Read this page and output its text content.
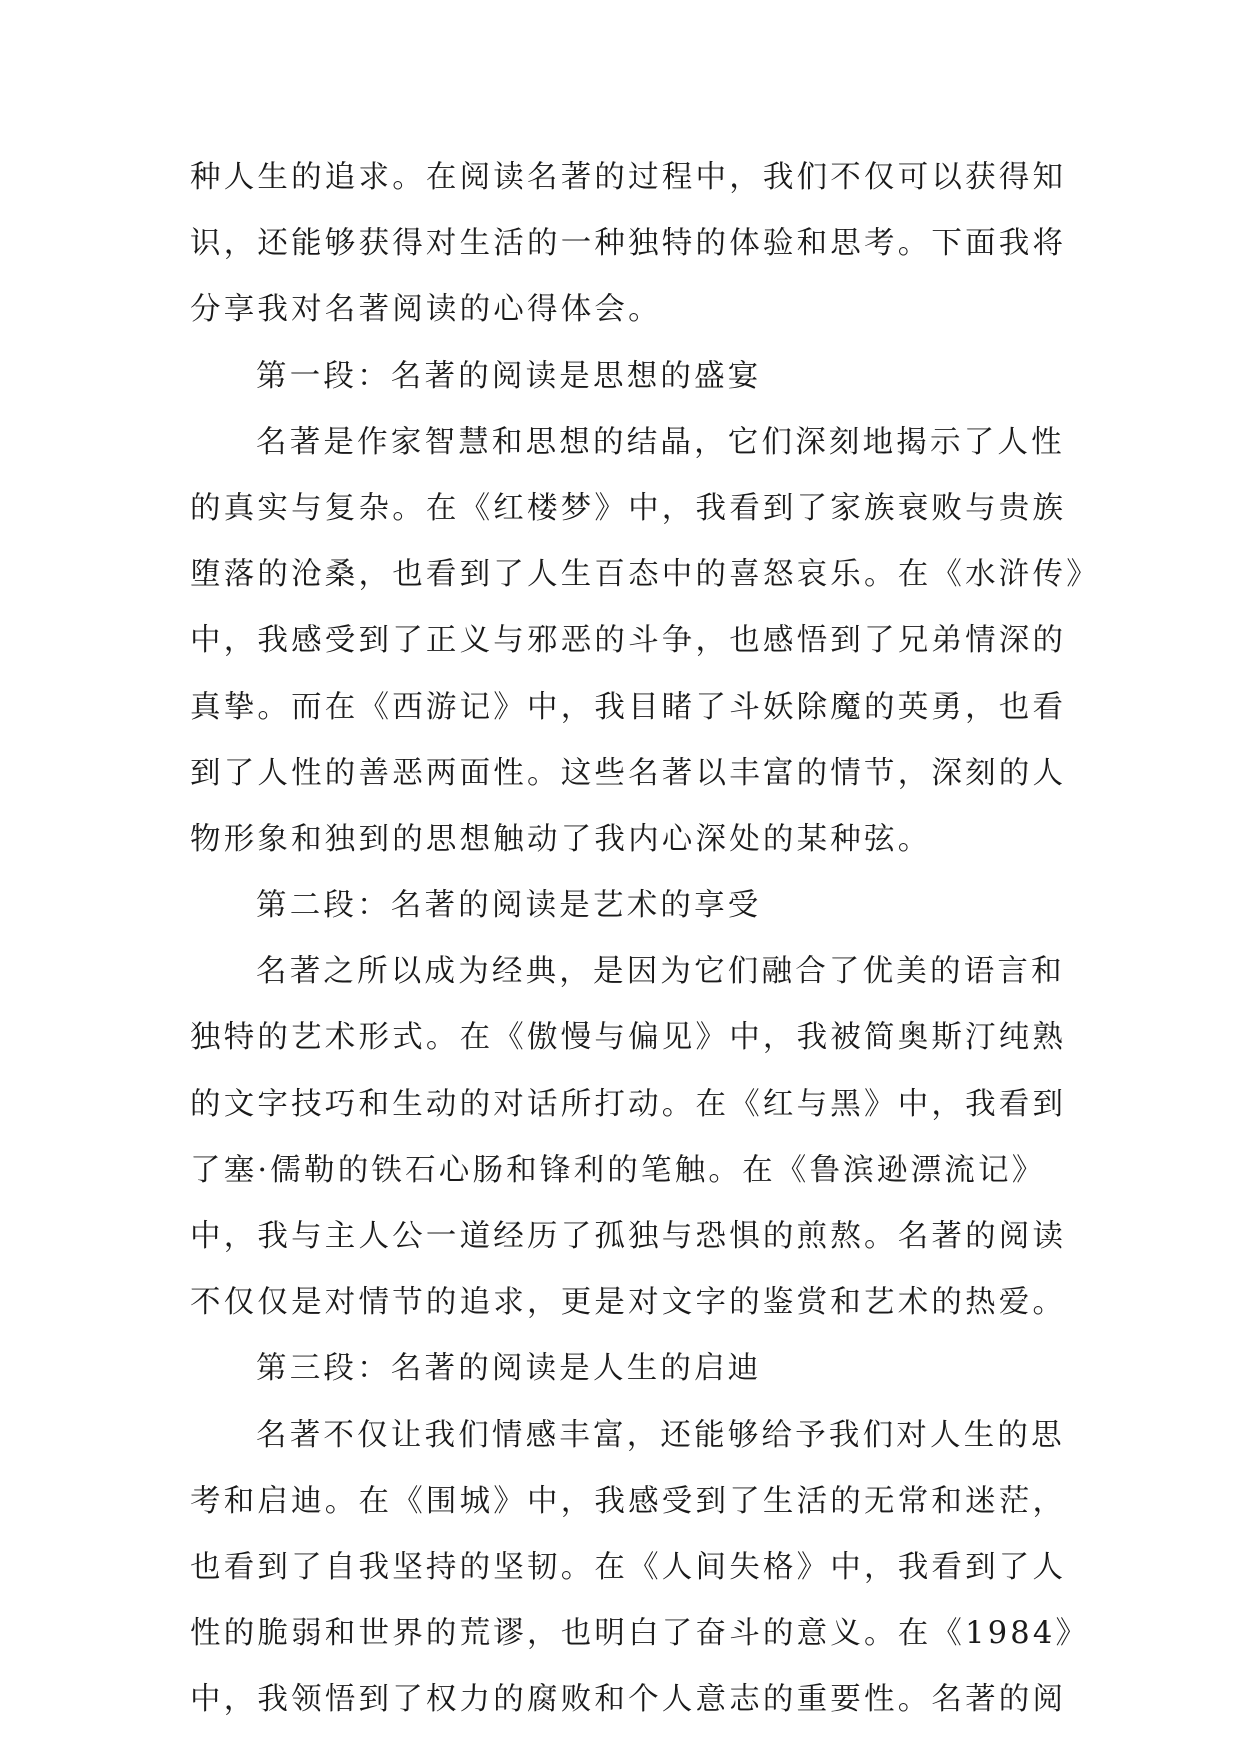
种人生的追求。在阅读名著的过程中，我们不仅可以获得知
识，还能够获得对生活的一种独特的体验和思考。下面我将
分享我对名著阅读的心得体会。
第一段：名著的阅读是思想的盛宴
名著是作家智慧和思想的结晶，它们深刻地揭示了人性
的真实与复杂。在《红楼梦》中，我看到了家族衰败与贵族
堕落的沧桑，也看到了人生百态中的喜怒哀乐。在《水浒传》
中，我感受到了正义与邪恶的斗争，也感悟到了兄弟情深的
真挚。而在《西游记》中，我目睹了斗妖除魔的英勇，也看
到了人性的善恶两面性。这些名著以丰富的情节，深刻的人
物形象和独到的思想触动了我内心深处的某种弦。
第二段：名著的阅读是艺术的享受
名著之所以成为经典，是因为它们融合了优美的语言和
独特的艺术形式。在《傲慢与偏见》中，我被简奥斯汀纯熟
的文字技巧和生动的对话所打动。在《红与黑》中，我看到
了塞·儒勒的铁石心肠和锋利的笔触。在《鲁滨逊漂流记》
中，我与主人公一道经历了孤独与恐惧的煎熬。名著的阅读
不仅仅是对情节的追求，更是对文字的鉴赏和艺术的热爱。
第三段：名著的阅读是人生的启迪
名著不仅让我们情感丰富，还能够给予我们对人生的思
考和启迪。在《围城》中，我感受到了生活的无常和迷茫，
也看到了自我坚持的坚韧。在《人间失格》中，我看到了人
性的脆弱和世界的荒谬，也明白了奋斗的意义。在《1984》
中，我领悟到了权力的腐败和个人意志的重要性。名著的阅
